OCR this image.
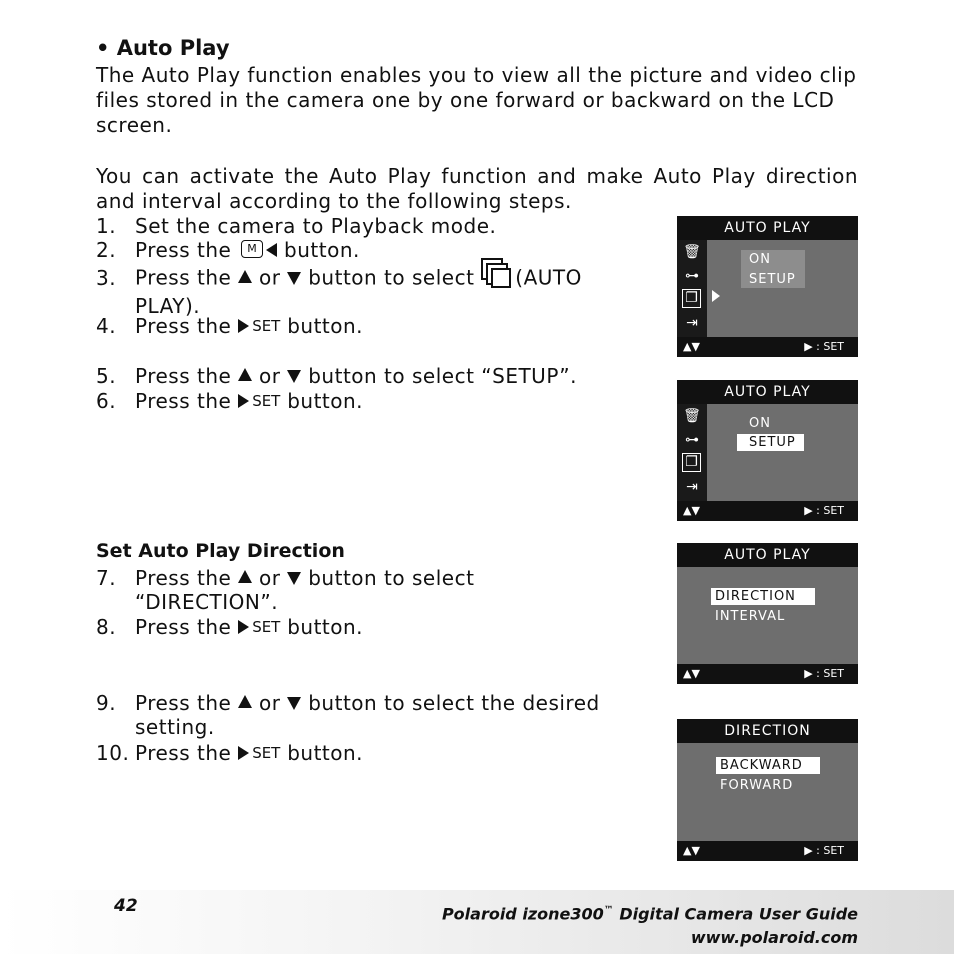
• Auto Play
The Auto Play function enables you to view all the picture and video clip files stored in the camera one by one forward or backward on the LCD screen.
You can activate the Auto Play function and make Auto Play direction and interval according to the following steps.
1. Set the camera to Playback mode.
2. Press the M button.
3. Press the or button to select (AUTO
PLAY).
4. Press the SET button.
5. Press the or button to select “SETUP”.
6. Press the SET button.
Set Auto Play Direction
7. Press the or button to select
“DIRECTION”.
8. Press the SET button.
9. Press the or button to select the desired
setting.
10. Press the SET button.
AUTO PLAY
🗑
⊶
❐
⇥
ON
SETUP
▲▼	▶ : SET
AUTO PLAY
🗑
⊶
❐
⇥
ON
SETUP
▲▼	▶ : SET
AUTO PLAY
DIRECTION
INTERVAL
▲▼	▶ : SET
DIRECTION
BACKWARD
FORWARD
▲▼	▶ : SET
42	Polaroid izone300™ Digital Camera User Guide
www.polaroid.com
